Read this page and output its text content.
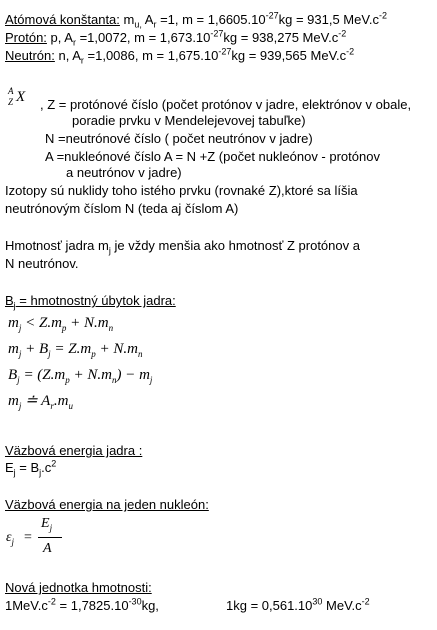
Atómová konštanta: $m_{u,}$ $A_r =1$, $m = 1,6605.10^{-27}kg = 931,5$ $MeV.c^{-2}$
Protón: p, $A_r =1,0072$, $m = 1,673.10^{-27}kg = 938,275$ $MeV.c^{-2}$
Neutrón: n, $A_r =1,0086$, $m = 1,675.10^{-27}kg = 939,565$ $MeV.c^{-2}$
A
Z X , Z = protónové číslo (počet protónov v jadre, elektrónov v obale,
poradie prvku v Mendelejevovej tabuľke)
N =neutrónové číslo ( počet neutrónov v jadre)
A =nukleónové číslo A = N +Z (počet nukleónov - protónov
a neutrónov v jadre)
Izotopy sú nuklidy toho istého prvku (rovnaké Z),ktoré sa líšia
neutrónovým číslom N (teda aj číslom A)
Hmotnosť jadra $m_j$ je vždy menšia ako hmotnosť Z protónov a
N neutrónov.
$B_j$ = hmotnostný úbytok jadra:
$m_j < Z.m_p + N.m_n$
$m_j + B_j = Z.m_p + N.m_n$
$B_j = (Z.m_p + N.m_n) - m_j$
$m_j$ ≐ $A_r.m_u$
Väzbová energia jadra :
$E_j = B_j.c^2$
Väzbová energia na jeden nukleón:
$\varepsilon_j$ =
$E_j$
A
Nová jednotka hmotnosti:
$1MeV.c^{-2} = 1,7825.10^{-30}kg$,	$1kg = 0,561.10^{30}$ $MeV.c^{-2}$
